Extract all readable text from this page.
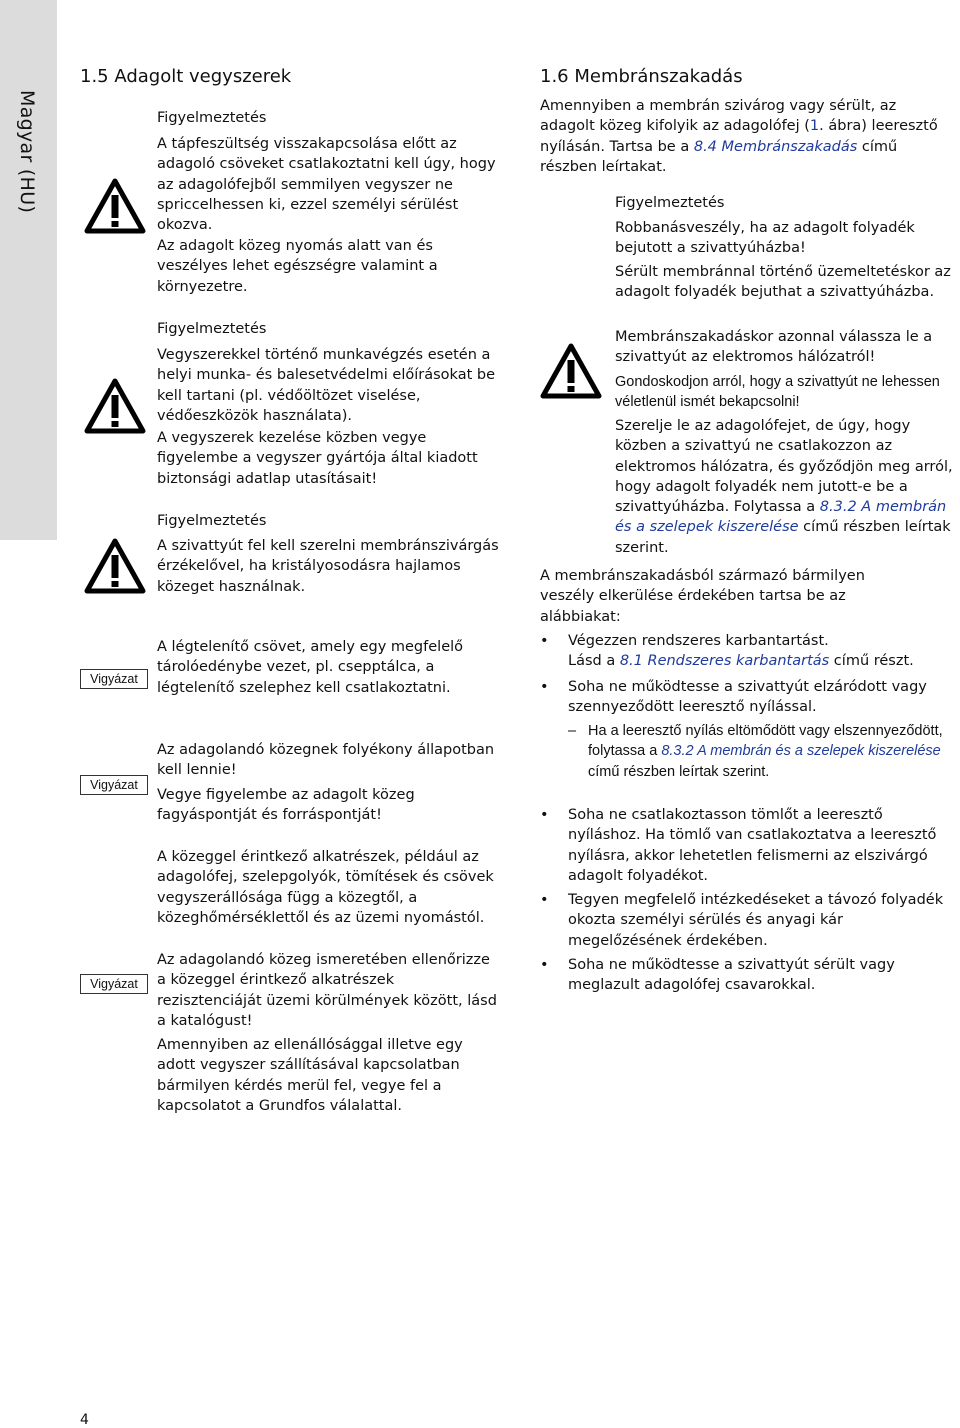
Magyar (HU)
1.5 Adagolt vegyszerek
Figyelmeztetés
A tápfeszültség visszakapcsolása előtt az adagoló csöveket csatlakoztatni kell úgy, hogy az adagolófejből semmilyen vegyszer ne spriccelhessen ki, ezzel személyi sérülést okozva.
Az adagolt közeg nyomás alatt van és veszélyes lehet egészségre valamint a környezetre.
Figyelmeztetés
Vegyszerekkel történő munkavégzés esetén a helyi munka- és balesetvédelmi előírásokat be kell tartani (pl. védőöltözet viselése, védőeszközök használata).
A vegyszerek kezelése közben vegye figyelembe a vegyszer gyártója által kiadott biztonsági adatlap utasításait!
Figyelmeztetés
A szivattyút fel kell szerelni membránszivárgás érzékelővel, ha kristályosodásra hajlamos közeget használnak.
Vigyázat
A légtelenítő csövet, amely egy megfelelő tárolóedénybe vezet, pl. csepptálca, a légtelenítő szelephez kell csatlakoztatni.
Vigyázat
Az adagolandó közegnek folyékony állapotban kell lennie!
Vegye figyelembe az adagolt közeg fagyáspontját és forráspontját!
A közeggel érintkező alkatrészek, például az adagolófej, szelepgolyók, tömítések és csövek vegyszerállósága függ a közegtől, a közeghőmérséklettől és az üzemi nyomástól.
Vigyázat
Az adagolandó közeg ismeretében ellenőrizze a közeggel érintkező alkatrészek rezisztenciáját üzemi körülmények között, lásd a katalógust!
Amennyiben az ellenállósággal illetve egy adott vegyszer szállításával kapcsolatban bármilyen kérdés merül fel, vegye fel a kapcsolatot a Grundfos válalattal.
1.6 Membránszakadás
Amennyiben a membrán szivárog vagy sérült, az adagolt közeg kifolyik az adagolófej (1. ábra) leeresztő nyílásán. Tartsa be a 8.4 Membránszakadás című részben leírtakat.
Figyelmeztetés
Robbanásveszély, ha az adagolt folyadék bejutott a szivattyúházba!
Sérült membránnal történő üzemeltetéskor az adagolt folyadék bejuthat a szivattyúházba.
Membránszakadáskor azonnal válassza le a szivattyút az elektromos hálózatról!
Gondoskodjon arról, hogy a szivattyút ne lehessen véletlenül ismét bekapcsolni!
Szerelje le az adagolófejet, de úgy, hogy közben a szivattyú ne csatlakozzon az elektromos hálózatra, és győződjön meg arról, hogy adagolt folyadék nem jutott-e be a szivattyúházba. Folytassa a 8.3.2 A membrán és a szelepek kiszerelése című részben leírtak szerint.
A membránszakadásból származó bármilyen veszély elkerülése érdekében tartsa be az alábbiakat:
• Végezzen rendszeres karbantartást.
Lásd a 8.1 Rendszeres karbantartás című részt.
• Soha ne működtesse a szivattyút elzáródott vagy szennyeződött leeresztő nyílással.
– Ha a leeresztő nyílás eltömődött vagy elszennyeződött, folytassa a 8.3.2 A membrán és a szelepek kiszerelése című részben leírtak szerint.
• Soha ne csatlakoztasson tömlőt a leeresztő nyíláshoz. Ha tömlő van csatlakoztatva a leeresztő nyílásra, akkor lehetetlen felismerni az elszivárgó adagolt folyadékot.
• Tegyen megfelelő intézkedéseket a távozó folyadék okozta személyi sérülés és anyagi kár megelőzésének érdekében.
• Soha ne működtesse a szivattyút sérült vagy meglazult adagolófej csavarokkal.
4
